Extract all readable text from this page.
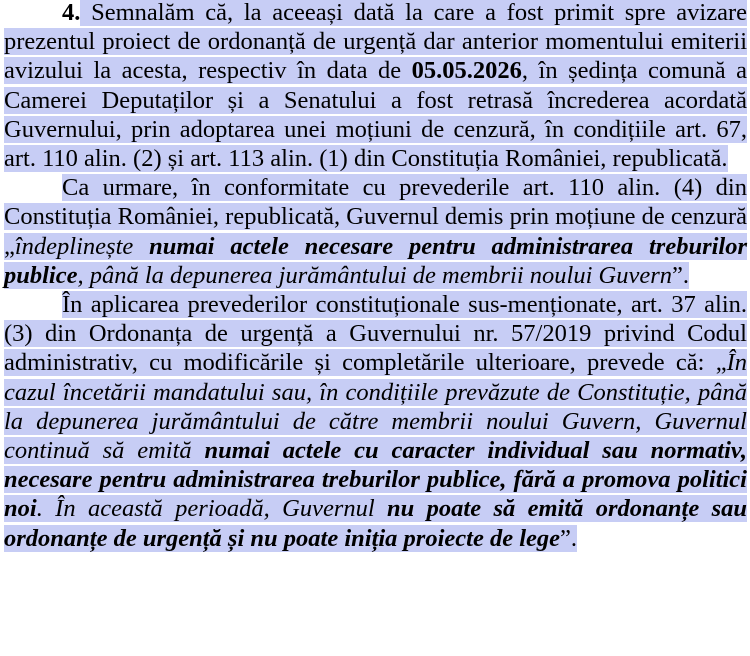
4. Semnalăm că, la aceeași dată la care a fost primit spre avizare prezentul proiect de ordonanță de urgență dar anterior momentului emiterii avizului la acesta, respectiv în data de 05.05.2026, în ședința comună a Camerei Deputaților și a Senatului a fost retrasă încrederea acordată Guvernului, prin adoptarea unei moțiuni de cenzură, în condițiile art. 67, art. 110 alin. (2) și art. 113 alin. (1) din Constituția României, republicată.

Ca urmare, în conformitate cu prevederile art. 110 alin. (4) din Constituția României, republicată, Guvernul demis prin moțiune de cenzură „îndeplinește numai actele necesare pentru administrarea treburilor publice, până la depunerea jurământului de membrii noului Guvern”.

În aplicarea prevederilor constituționale sus-menționate, art. 37 alin. (3) din Ordonanța de urgență a Guvernului nr. 57/2019 privind Codul administrativ, cu modificările și completările ulterioare, prevede că: „În cazul încetării mandatului sau, în condițiile prevăzute de Constituție, până la depunerea jurământului de către membrii noului Guvern, Guvernul continuă să emită numai actele cu caracter individual sau normativ, necesare pentru administrarea treburilor publice, fără a promova politici noi. În această perioadă, Guvernul nu poate să emită ordonanțe sau ordonanțe de urgență și nu poate iniția proiecte de lege”.
